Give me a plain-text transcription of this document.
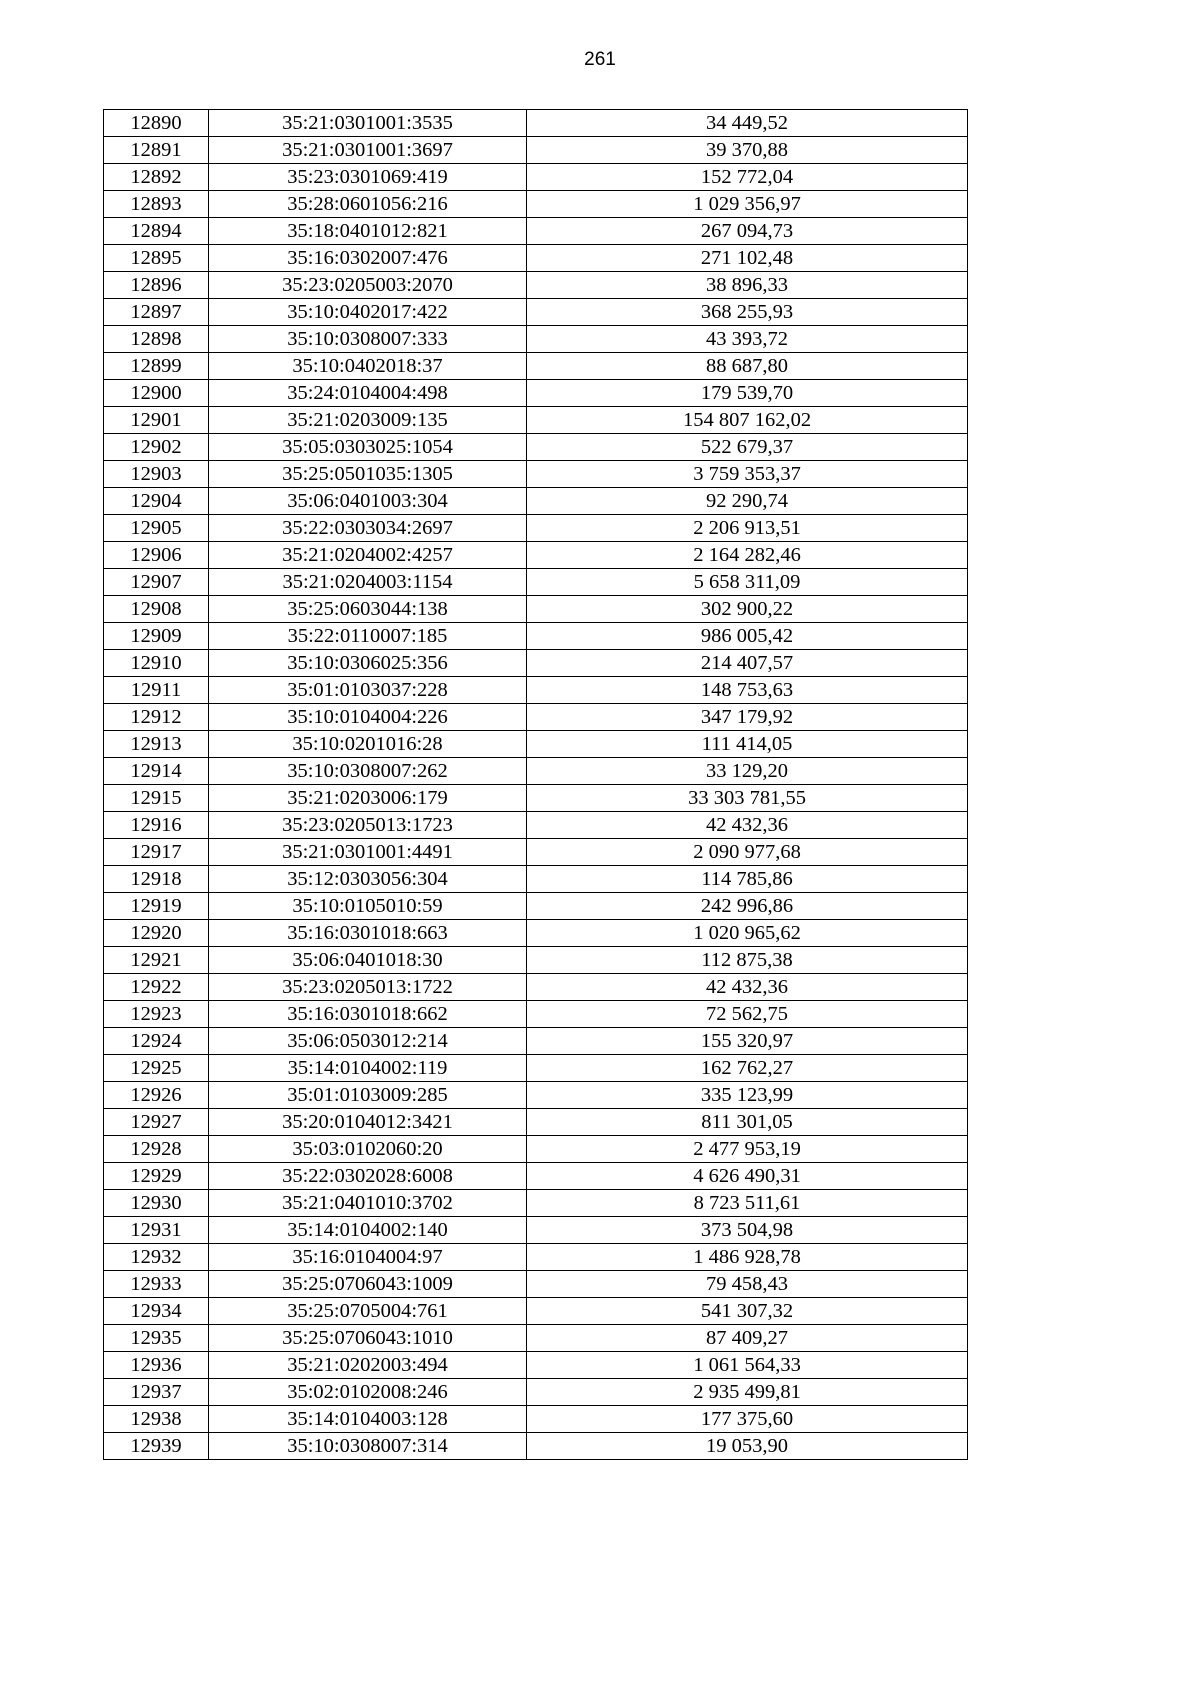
261
12890	35:21:0301001:3535	34 449,52
12891	35:21:0301001:3697	39 370,88
12892	35:23:0301069:419	152 772,04
12893	35:28:0601056:216	1 029 356,97
12894	35:18:0401012:821	267 094,73
12895	35:16:0302007:476	271 102,48
12896	35:23:0205003:2070	38 896,33
12897	35:10:0402017:422	368 255,93
12898	35:10:0308007:333	43 393,72
12899	35:10:0402018:37	88 687,80
12900	35:24:0104004:498	179 539,70
12901	35:21:0203009:135	154 807 162,02
12902	35:05:0303025:1054	522 679,37
12903	35:25:0501035:1305	3 759 353,37
12904	35:06:0401003:304	92 290,74
12905	35:22:0303034:2697	2 206 913,51
12906	35:21:0204002:4257	2 164 282,46
12907	35:21:0204003:1154	5 658 311,09
12908	35:25:0603044:138	302 900,22
12909	35:22:0110007:185	986 005,42
12910	35:10:0306025:356	214 407,57
12911	35:01:0103037:228	148 753,63
12912	35:10:0104004:226	347 179,92
12913	35:10:0201016:28	111 414,05
12914	35:10:0308007:262	33 129,20
12915	35:21:0203006:179	33 303 781,55
12916	35:23:0205013:1723	42 432,36
12917	35:21:0301001:4491	2 090 977,68
12918	35:12:0303056:304	114 785,86
12919	35:10:0105010:59	242 996,86
12920	35:16:0301018:663	1 020 965,62
12921	35:06:0401018:30	112 875,38
12922	35:23:0205013:1722	42 432,36
12923	35:16:0301018:662	72 562,75
12924	35:06:0503012:214	155 320,97
12925	35:14:0104002:119	162 762,27
12926	35:01:0103009:285	335 123,99
12927	35:20:0104012:3421	811 301,05
12928	35:03:0102060:20	2 477 953,19
12929	35:22:0302028:6008	4 626 490,31
12930	35:21:0401010:3702	8 723 511,61
12931	35:14:0104002:140	373 504,98
12932	35:16:0104004:97	1 486 928,78
12933	35:25:0706043:1009	79 458,43
12934	35:25:0705004:761	541 307,32
12935	35:25:0706043:1010	87 409,27
12936	35:21:0202003:494	1 061 564,33
12937	35:02:0102008:246	2 935 499,81
12938	35:14:0104003:128	177 375,60
12939	35:10:0308007:314	19 053,90
